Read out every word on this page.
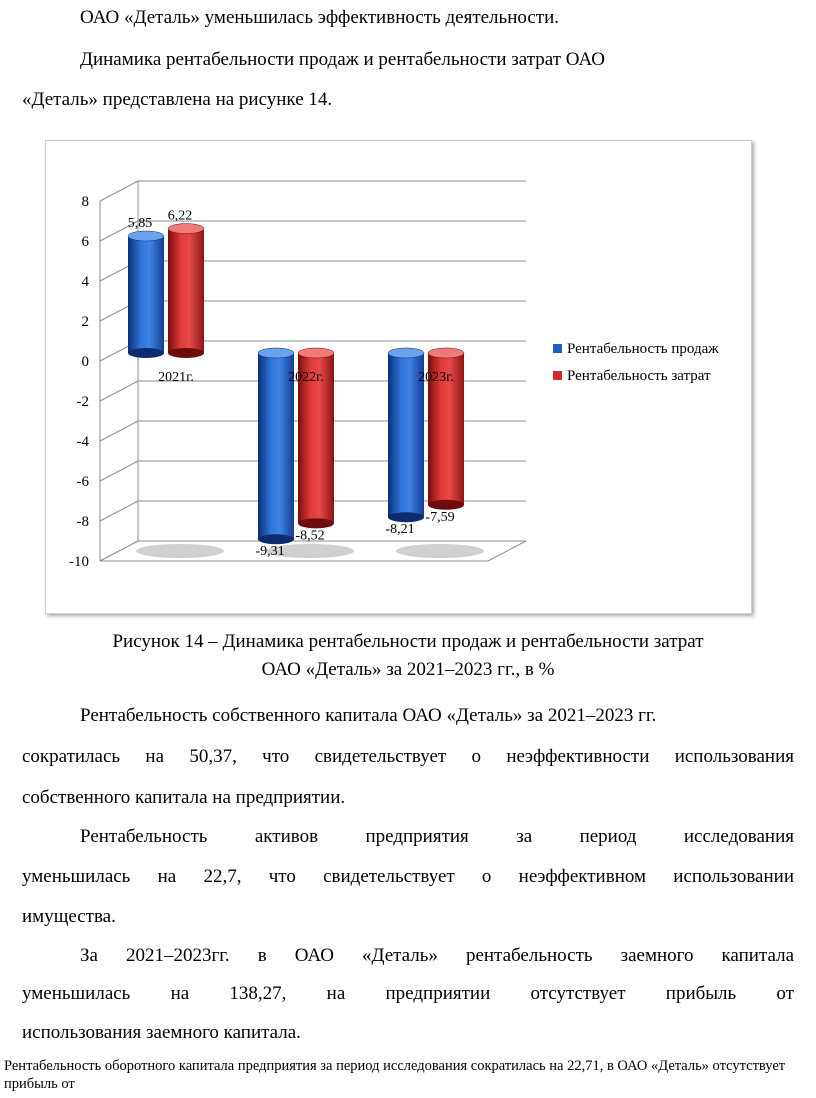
ОАО «Деталь» уменьшилась эффективность деятельности.
Динамика рентабельности продаж и рентабельности затрат ОАО
«Деталь» представлена на рисунке 14.
8
6
4
2
0
-2
-4
-6
-8
-10
5,85
-9,31
-8,21
6,22
-8,52
-7,59
2021г.	2022г.	2023г.
Рентабельность продаж
Рентабельность затрат
Рисунок 14 – Динамика рентабельности продаж и рентабельности затрат
ОАО «Деталь» за 2021–2023 гг., в %
Рентабельность собственного капитала ОАО «Деталь» за 2021–2023 гг.
сократилась на 50,37, что свидетельствует о неэффективности использования
собственного капитала на предприятии.
Рентабельность активов предприятия за период исследования
уменьшилась на 22,7, что свидетельствует о неэффективном использовании
имущества.
За 2021–2023гг. в ОАО «Деталь» рентабельность заемного капитала
уменьшилась на 138,27, на предприятии отсутствует прибыль от
использования заемного капитала.
Рентабельность оборотного капитала предприятия за период исследования сократилась на 22,71, в ОАО «Деталь» отсутствует прибыль от
